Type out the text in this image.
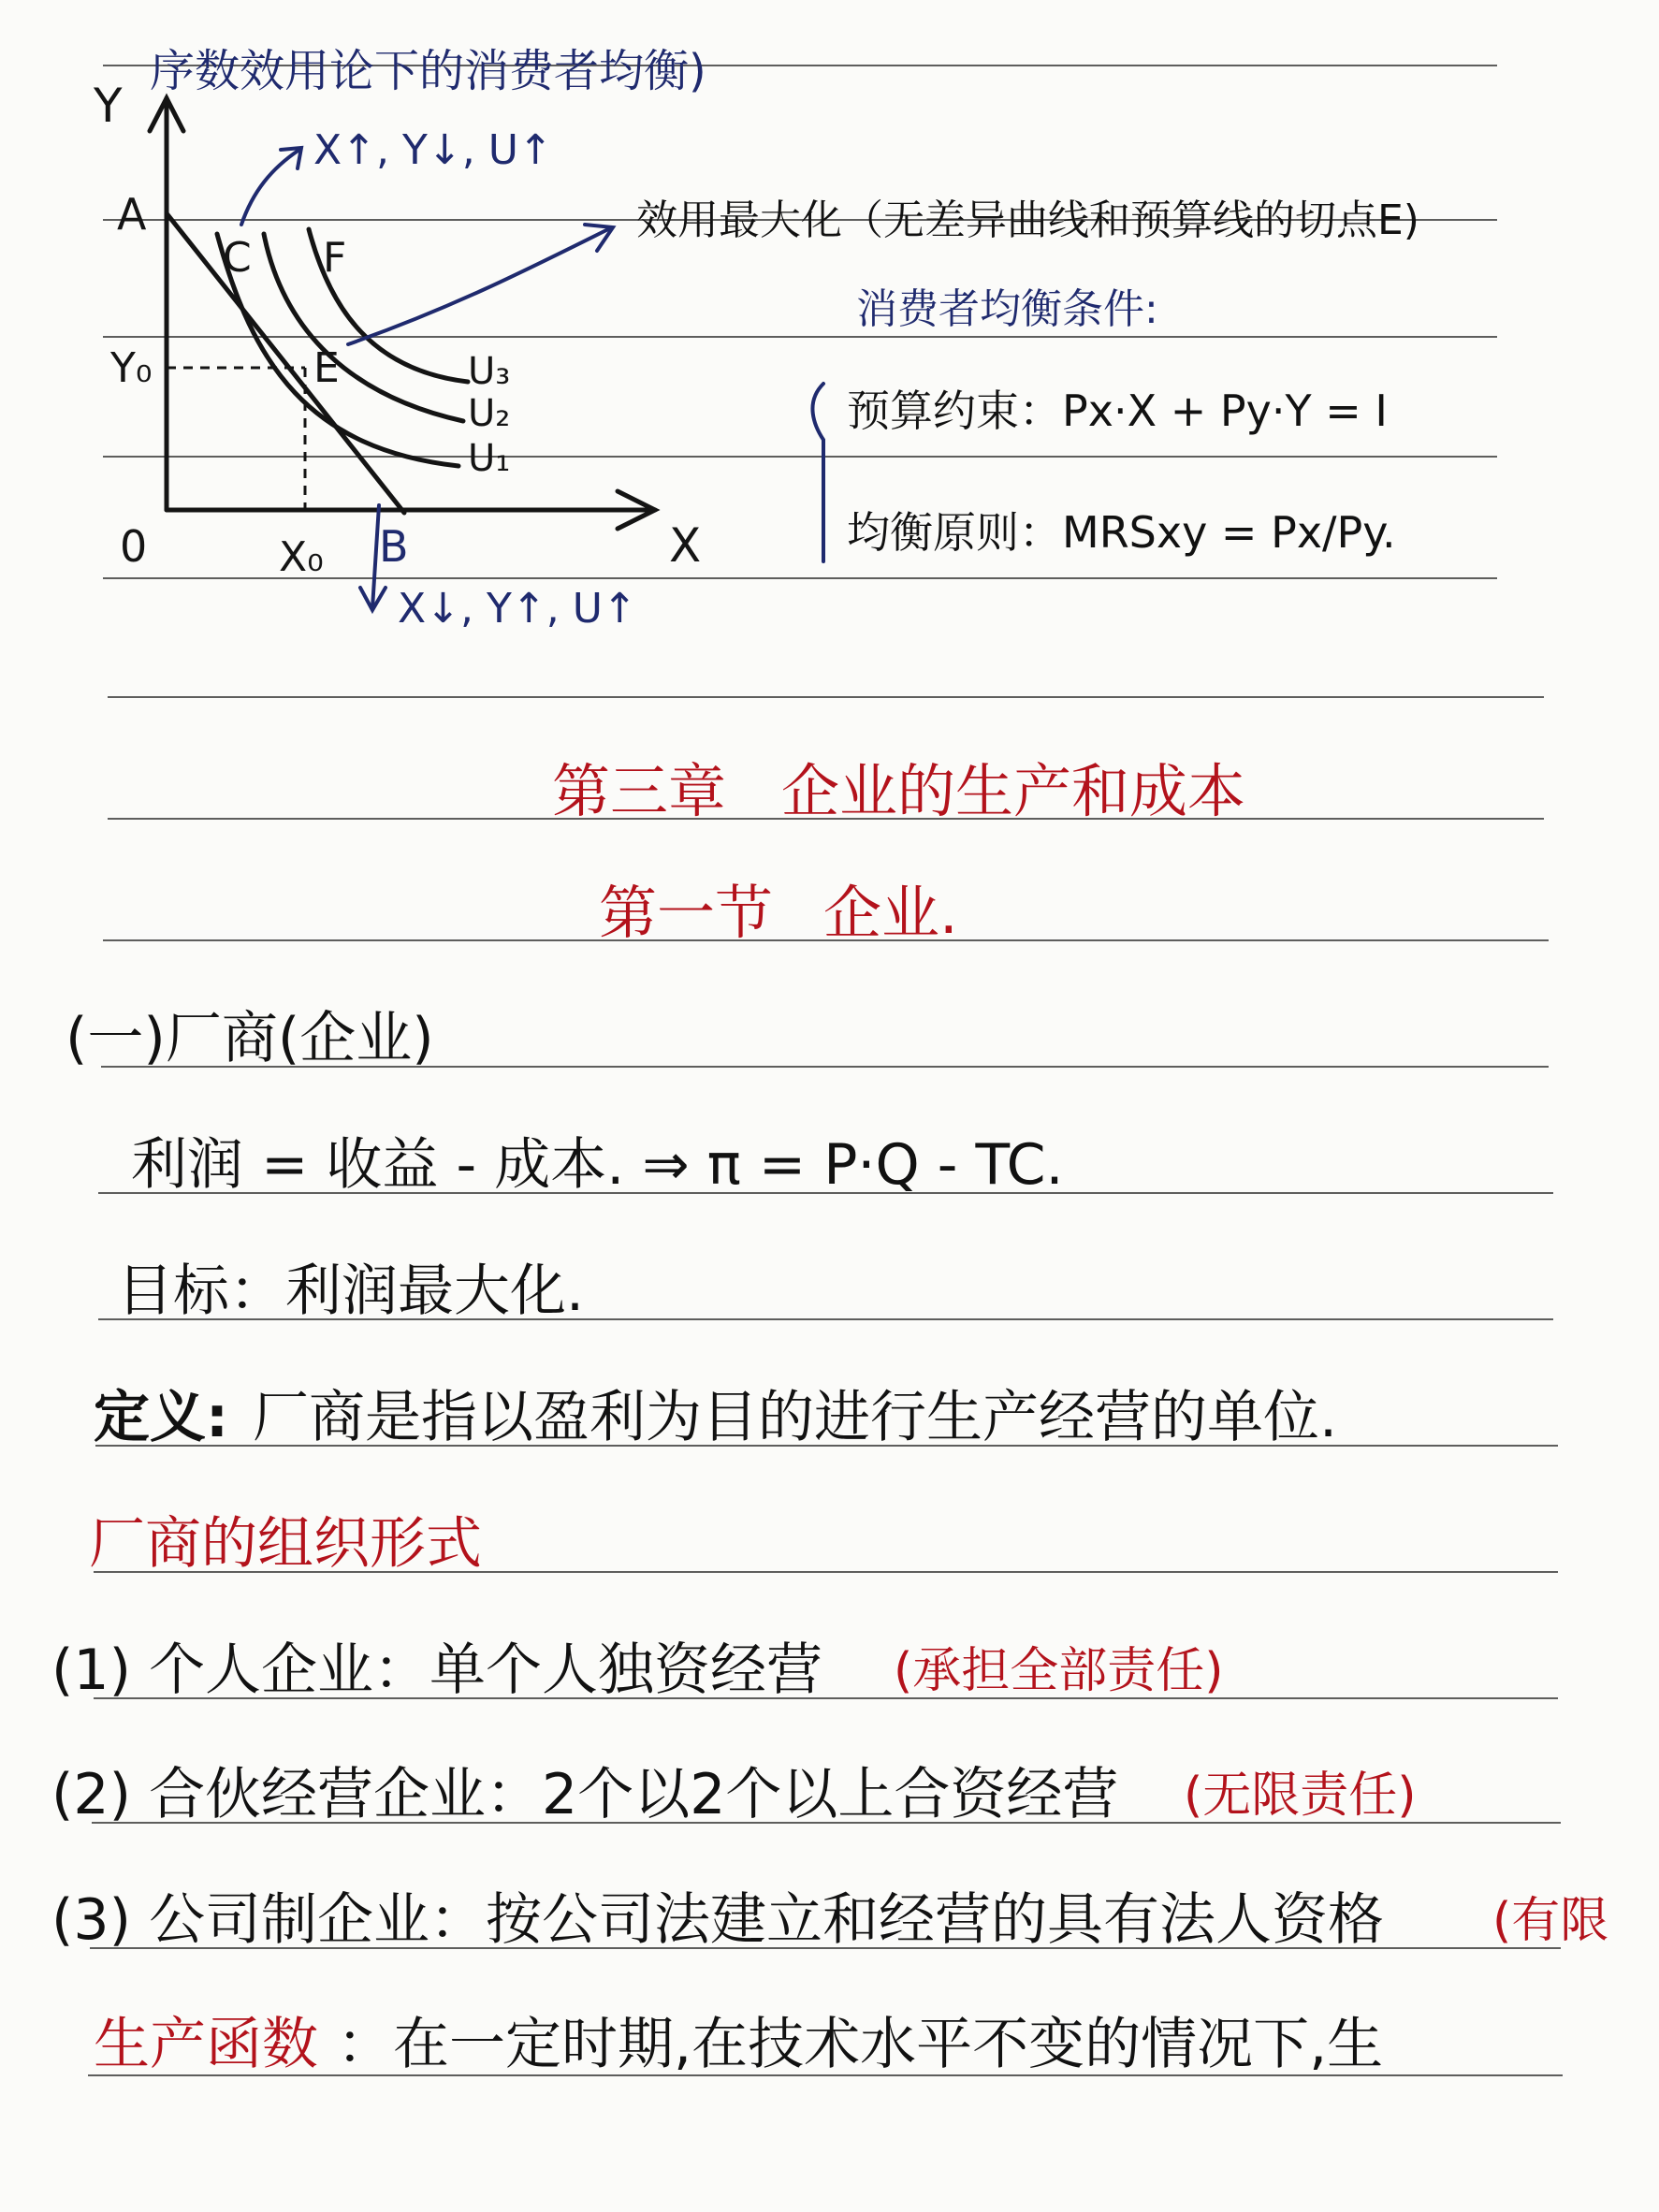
序数效用论下的消费者均衡)
Y
X
0
A
C F
E
B
Y₀
X₀
U₃
U₂
U₁
X↑, Y↓, U↑
X↓, Y↑, U↑
效用最大化（无差异曲线和预算线的切点E)
消费者均衡条件:
预算约束：Px·X + Py·Y = I
均衡原则：MRSxy = Px/Py.
第三章 企业的生产和成本
第一节 企业.
(一)厂商(企业)
利润 = 收益 - 成本. ⇒ π = P·Q - TC.
目标：利润最大化.
定义: 厂商是指以盈利为目的进行生产经营的单位.
厂商的组织形式
(1) 个人企业：单个人独资经营 (承担全部责任)
(2) 合伙经营企业：2个以2个以上合资经营 (无限责任)
(3) 公司制企业：按公司法建立和经营的具有法人资格 (有限
生产函数 ：在一定时期,在技术水平不变的情况下,生
